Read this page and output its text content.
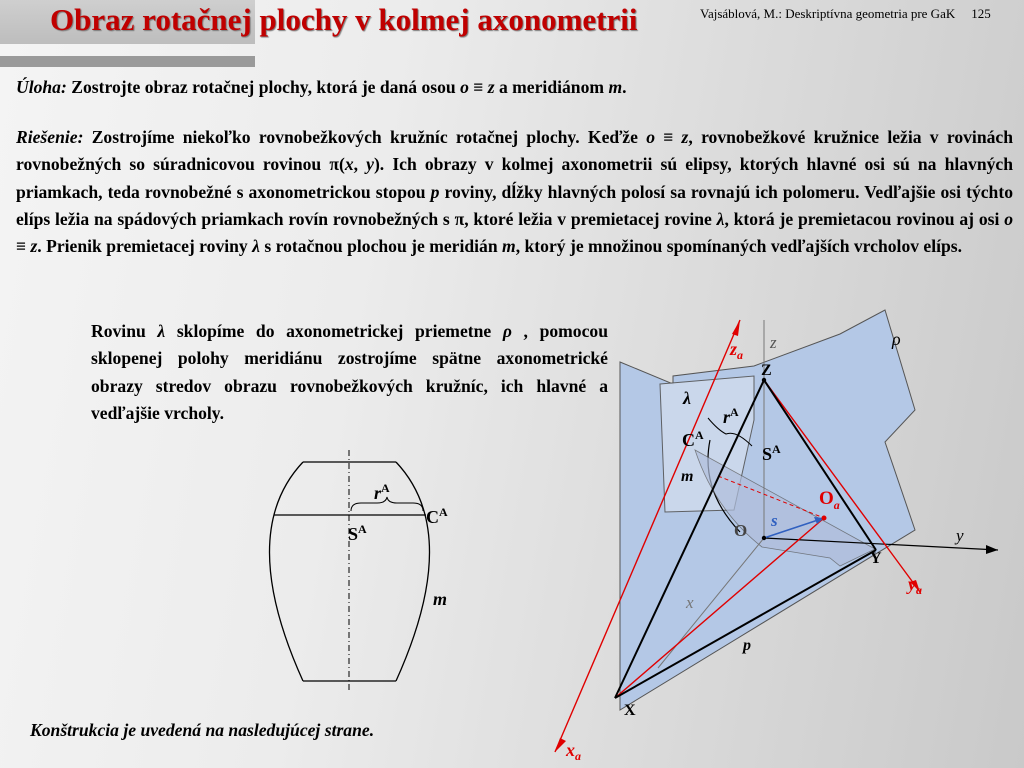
Obraz rotačnej plochy v kolmej axonometrii	Vajsáblová, M.: Deskriptívna geometria pre GaK 125
Úloha: Zostrojte obraz rotačnej plochy, ktorá je daná osou o ≡ z a meridiánom m.
Riešenie: Zostrojíme niekoľko rovnobežkových kružníc rotačnej plochy. Keďže o ≡ z, rovnobežkové kružnice ležia v rovinách rovnobežných so súradnicovou rovinou π(x, y). Ich obrazy v kolmej axonometrii sú elipsy, ktorých hlavné osi sú na hlavných priamkach, teda rovnobežné s axonometrickou stopou p roviny, dĺžky hlavných polosí sa rovnajú ich polomeru. Vedľajšie osi týchto elíps ležia na spádových priamkach rovín rovnobežných s π, ktoré ležia v premietacej rovine λ, ktorá je premietacou rovinou aj osi o ≡ z. Prienik premietacej roviny λ s rotačnou plochou je meridián m, ktorý je množinou spomínaných vedľajších vrcholov elíps.
Rovinu λ sklopíme do axonometrickej priemetne ρ , pomocou sklopenej polohy meridiánu zostrojíme spätne axonometrické obrazy stredov obrazu rovnobežkových kružníc, ich hlavné a vedľajšie vrcholy.
$r^A$
$C^A$
$S^A$
m
ρ
$z_a$
z
Z
λ
$r^A$
$C^A$
$S^A$
m
$O_a$
s
O	y
Y
$y_a$
x
p
X
$x_a$
Konštrukcia je uvedená na nasledujúcej strane.
